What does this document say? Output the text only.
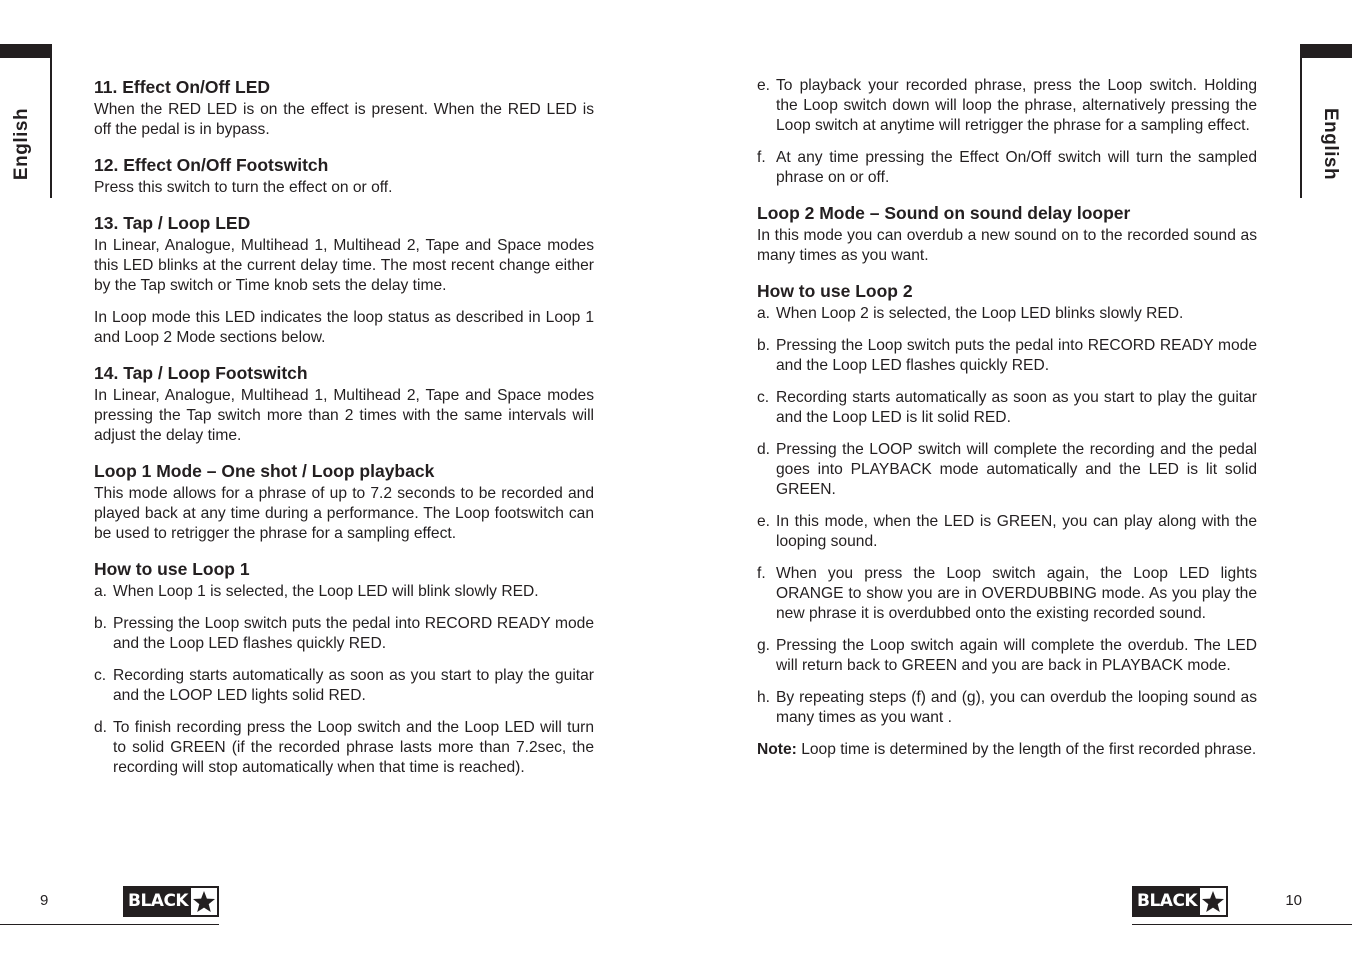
English
11. Effect On/Off LED

When the RED LED is on the effect is present. When the RED LED is off the pedal is in bypass.

12. Effect On/Off Footswitch

Press this switch to turn the effect on or off.

13. Tap / Loop LED

In Linear, Analogue, Multihead 1, Multihead 2, Tape and Space modes this LED blinks at the current delay time. The most recent change either by the Tap switch or Time knob sets the delay time.

In Loop mode this LED indicates the loop status as described in Loop 1 and Loop 2 Mode sections below.

14. Tap / Loop Footswitch

In Linear, Analogue, Multihead 1, Multihead 2, Tape and Space modes pressing the Tap switch more than 2 times with the same intervals will adjust the delay time.

Loop 1 Mode – One shot / Loop playback

This mode allows for a phrase of up to 7.2 seconds to be recorded and played back at any time during a performance. The Loop footswitch can be used to retrigger the phrase for a sampling effect.

How to use Loop 1
a. When Loop 1 is selected, the Loop LED will blink slowly RED.
b. Pressing the Loop switch puts the pedal into RECORD READY mode and the Loop LED flashes quickly RED.
c. Recording starts automatically as soon as you start to play the guitar and the LOOP LED lights solid RED.
d. To finish recording press the Loop switch and the Loop LED will turn to solid GREEN (if the recorded phrase lasts more than 7.2sec, the recording will stop automatically when that time is reached).
9	BLACK
English
e. To playback your recorded phrase, press the Loop switch. Holding the Loop switch down will loop the phrase, alternatively pressing the Loop switch at anytime will retrigger the phrase for a sampling effect.
f. At any time pressing the Effect On/Off switch will turn the sampled phrase on or off.
Loop 2 Mode – Sound on sound delay looper

In this mode you can overdub a new sound on to the recorded sound as many times as you want.

How to use Loop 2
a. When Loop 2 is selected, the Loop LED blinks slowly RED.
b. Pressing the Loop switch puts the pedal into RECORD READY mode and the Loop LED flashes quickly RED.
c. Recording starts automatically as soon as you start to play the guitar and the Loop LED is lit solid RED.
d. Pressing the LOOP switch will complete the recording and the pedal goes into PLAYBACK mode automatically and the LED is lit solid GREEN.
e. In this mode, when the LED is GREEN, you can play along with the looping sound.
f. When you press the Loop switch again, the Loop LED lights ORANGE to show you are in OVERDUBBING mode. As you play the new phrase it is overdubbed onto the existing recorded sound.
g. Pressing the Loop switch again will complete the overdub. The LED will return back to GREEN and you are back in PLAYBACK mode.
h. By repeating steps (f) and (g), you can overdub the looping sound as many times as you want .

Note: Loop time is determined by the length of the first recorded phrase.

10
BLACK
